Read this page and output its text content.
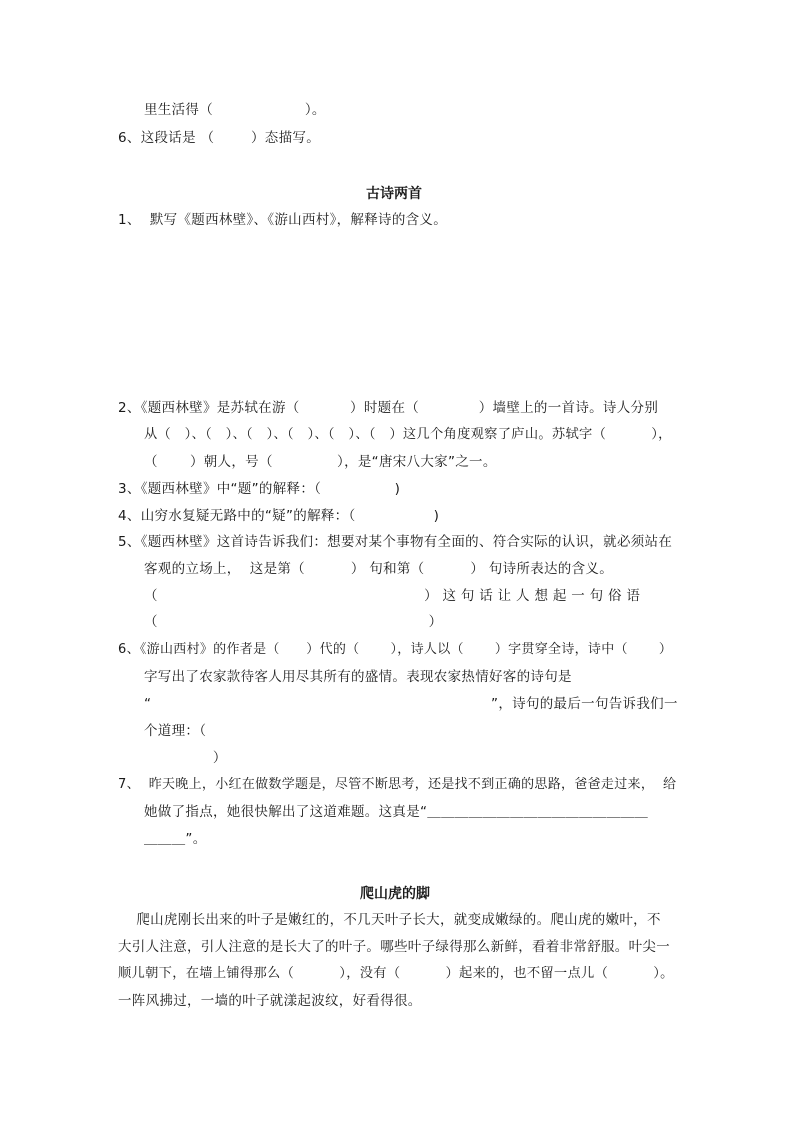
里生活得（                    ）。
6、这段话是 （        ）态描写。
古诗两首
1、  默写《题西林壁》、《游山西村》，解释诗的含义。
2、《题西林壁》是苏轼在游（           ）时题在（             ）墙壁上的一首诗。诗人分别
从（   ）、（   ）、（   ）、（   ）、（   ）、（   ）这几个角度观察了庐山。苏轼字（          ），
（       ）朝人，号（              ），是“唐宋八大家”之一。
3、《题西林壁》中“题”的解释：（                )
4、山穷水复疑无路中的“疑”的解释：（                 )
5、《题西林壁》这首诗告诉我们：想要对某个事物有全面的、符合实际的认识，就必须站在
客观的立场上，  这是第（          ） 句和第（          ） 句诗所表达的含义。
（                                                          ） 这 句 话 让 人 想 起 一 句 俗 语
（                                                           ）
6、《游山西村》的作者是（      ）代的（       ），诗人以（       ）字贯穿全诗，诗中（       ）
字写出了农家款待客人用尽其所有的盛情。表现农家热情好客的诗句是
“                                                                          ”，诗句的最后一句告诉我们一
个道理：（
）
7、  昨天晚上，小红在做数学题是，尽管不断思考，还是找不到正确的思路，爸爸走过来，  给
她做了指点，她很快解出了这道难题。这真是“＿＿＿＿＿＿＿＿＿＿＿＿＿＿＿＿
＿＿＿”。
爬山虎的脚
爬山虎刚长出来的叶子是嫩红的，不几天叶子长大，就变成嫩绿的。爬山虎的嫩叶，不
大引人注意，引人注意的是长大了的叶子。哪些叶子绿得那么新鲜，看着非常舒服。叶尖一
顺儿朝下，在墙上铺得那么（          ），没有（          ）起来的，也不留一点儿（          ）。
一阵风拂过，一墙的叶子就漾起波纹，好看得很。
